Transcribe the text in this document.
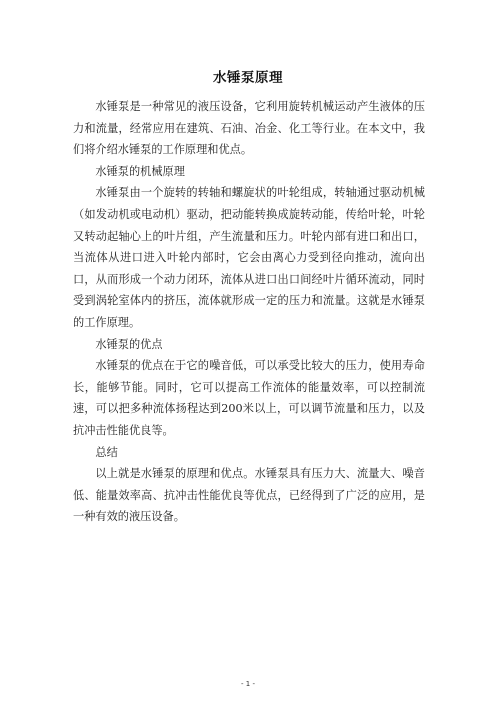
水锤泵原理

水锤泵是一种常见的液压设备，它利用旋转机械运动产生液体的压力和流量，经常应用在建筑、石油、冶金、化工等行业。在本文中，我们将介绍水锤泵的工作原理和优点。

水锤泵的机械原理

水锤泵由一个旋转的转轴和螺旋状的叶轮组成，转轴通过驱动机械（如发动机或电动机）驱动，把动能转换成旋转动能，传给叶轮，叶轮又转动起轴心上的叶片组，产生流量和压力。叶轮内部有进口和出口，当流体从进口进入叶轮内部时，它会由离心力受到径向推动，流向出口，从而形成一个动力闭环，流体从进口出口间经叶片循环流动，同时受到涡轮室体内的挤压，流体就形成一定的压力和流量。这就是水锤泵的工作原理。

水锤泵的优点

水锤泵的优点在于它的噪音低，可以承受比较大的压力，使用寿命长，能够节能。同时，它可以提高工作流体的能量效率，可以控制流速，可以把多种流体扬程达到200米以上，可以调节流量和压力，以及抗冲击性能优良等。

总结

以上就是水锤泵的原理和优点。水锤泵具有压力大、流量大、噪音低、能量效率高、抗冲击性能优良等优点，已经得到了广泛的应用，是一种有效的液压设备。

- 1 -
